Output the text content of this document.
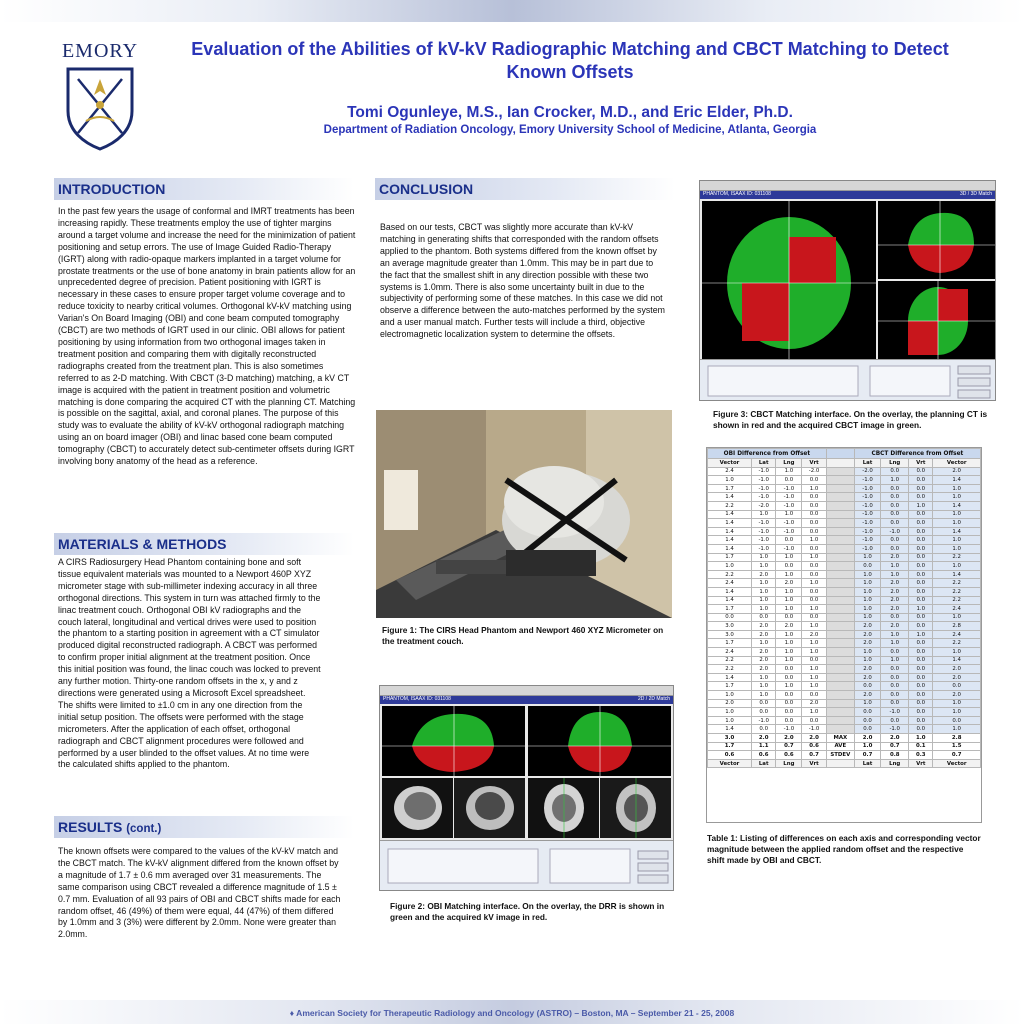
EMORY	Evaluation of the Abilities of kV-kV Radiographic Matching and CBCT Matching to Detect Known Offsets
Tomi Ogunleye, M.S., Ian Crocker, M.D., and Eric Elder, Ph.D.
Department of Radiation Oncology, Emory University School of Medicine, Atlanta, Georgia
INTRODUCTION
In the past few years the usage of conformal and IMRT treatments has been increasing rapidly. These treatments employ the use of tighter margins around a target volume and increase the need for the minimization of patient positioning and setup errors. The use of Image Guided Radio-Therapy (IGRT) along with radio-opaque markers implanted in a target volume for prostate treatments or the use of bone anatomy in brain patients allow for an unprecedented degree of precision. Patient positioning with IGRT is necessary in these cases to ensure proper target volume coverage and to reduce toxicity to nearby critical volumes. Orthogonal kV-kV matching using Varian's On Board Imaging (OBI) and cone beam computed tomography (CBCT) are two methods of IGRT used in our clinic. OBI allows for patient positioning by using information from two orthogonal images taken in treatment position and comparing them with digitally reconstructed radiographs created from the treatment plan. This is also sometimes referred to as 2-D matching. With CBCT (3-D matching) matching, a kV CT image is acquired with the patient in treatment position and volumetric matching is done comparing the acquired CT with the planning CT. Matching is possible on the sagittal, axial, and coronal planes. The purpose of this study was to evaluate the ability of kV-kV orthogonal radiograph matching using an on board imager (OBI) and linac based cone beam computed tomography (CBCT) to accurately detect sub-centimeter offsets during IGRT involving bony anatomy of the head as a reference.
MATERIALS & METHODS
A CIRS Radiosurgery Head Phantom containing bone and soft tissue equivalent materials was mounted to a Newport 460P XYZ micrometer stage with sub-millimeter indexing accuracy in all three orthogonal directions. This system in turn was attached firmly to the linac treatment couch. Orthogonal OBI kV radiographs and the couch lateral, longitudinal and vertical drives were used to position the phantom to a starting position in agreement with a CT simulator produced digital reconstructed radiograph. A CBCT was performed to confirm proper initial alignment at the treatment position. Once this initial position was found, the linac couch was locked to prevent any further motion. Thirty-one random offsets in the x, y and z directions were generated using a Microsoft Excel spreadsheet. The shifts were limited to ±1.0 cm in any one direction from the initial setup position. The offsets were performed with the stage micrometers. After the application of each offset, orthogonal radiograph and CBCT alignment procedures were followed and performed by a user blinded to the offset values. At no time were the calculated shifts applied to the phantom.
RESULTS (cont.)
The known offsets were compared to the values of the kV-kV match and the CBCT match. The kV-kV alignment differed from the known offset by a magnitude of 1.7 ± 0.6 mm averaged over 31 measurements. The same comparison using CBCT revealed a difference magnitude of 1.5 ± 0.7 mm. Evaluation of all 93 pairs of OBI and CBCT shifts made for each random offset, 46 (49%) of them were equal, 44 (47%) of them differed by 1.0mm and 3 (3%) were different by 2.0mm. None were greater than 2.0mm.
CONCLUSION
Based on our tests, CBCT was slightly more accurate than kV-kV matching in generating shifts that corresponded with the random offsets applied to the phantom. Both systems differed from the known offset by an average magnitude greater than 1.0mm. This may be in part due to the fact that the smallest shift in any direction possible with these two systems is 1.0mm. There is also some uncertainty built in due to the subjectivity of performing some of these matches. In this case we did not observe a difference between the auto-matches performed by the system and a user manual match. Further tests will include a third, objective electromagnetic localization system to determine the offsets.
Figure 1: The CIRS Head Phantom and Newport 460 XYZ Micrometer on the treatment couch.
PHANTOM, ISAAX ID: 031108	2D / 2D Match
Figure 2: OBI Matching interface. On the overlay, the DRR is shown in green and the acquired kV image in red.
PHANTOM, ISAAX ID: 031108	3D / 3D Match
Figure 3: CBCT Matching interface. On the overlay, the planning CT is shown in red and the acquired CBCT image in green.
OBI Difference from Offset					CBCT Difference from Offset			
Vector	Lat	Lng	Vrt		Lat	Lng	Vrt	Vector
2.4	-1.0	1.0	-2.0		-2.0	0.0	0.0	2.0
1.0	-1.0	0.0	0.0		-1.0	1.0	0.0	1.4
1.7	-1.0	-1.0	1.0		-1.0	0.0	0.0	1.0
1.4	-1.0	-1.0	0.0		-1.0	0.0	0.0	1.0
2.2	-2.0	-1.0	0.0		-1.0	0.0	1.0	1.4
1.4	1.0	1.0	0.0		-1.0	0.0	0.0	1.0
1.4	-1.0	-1.0	0.0		-1.0	0.0	0.0	1.0
1.4	-1.0	-1.0	0.0		-1.0	-1.0	0.0	1.4
1.4	-1.0	0.0	1.0		-1.0	0.0	0.0	1.0
1.4	-1.0	-1.0	0.0		-1.0	0.0	0.0	1.0
1.7	1.0	1.0	1.0		1.0	2.0	0.0	2.2
1.0	1.0	0.0	0.0		0.0	1.0	0.0	1.0
2.2	2.0	1.0	0.0		1.0	1.0	0.0	1.4
2.4	1.0	2.0	1.0		1.0	2.0	0.0	2.2
1.4	1.0	1.0	0.0		1.0	2.0	0.0	2.2
1.4	1.0	1.0	0.0		1.0	2.0	0.0	2.2
1.7	1.0	1.0	1.0		1.0	2.0	1.0	2.4
0.0	0.0	0.0	0.0		1.0	0.0	0.0	1.0
3.0	2.0	2.0	1.0		2.0	2.0	0.0	2.8
3.0	2.0	1.0	2.0		2.0	1.0	1.0	2.4
1.7	1.0	1.0	1.0		2.0	1.0	0.0	2.2
2.4	2.0	1.0	1.0		1.0	0.0	0.0	1.0
2.2	2.0	1.0	0.0		1.0	1.0	0.0	1.4
2.2	2.0	0.0	1.0		2.0	0.0	0.0	2.0
1.4	1.0	0.0	1.0		2.0	0.0	0.0	2.0
1.7	1.0	1.0	1.0		0.0	0.0	0.0	0.0
1.0	1.0	0.0	0.0		2.0	0.0	0.0	2.0
2.0	0.0	0.0	2.0		1.0	0.0	0.0	1.0
1.0	0.0	0.0	1.0		0.0	-1.0	0.0	1.0
1.0	-1.0	0.0	0.0		0.0	0.0	0.0	0.0
1.4	0.0	-1.0	-1.0		0.0	-1.0	0.0	1.0
3.0	2.0	2.0	2.0	MAX	2.0	2.0	1.0	2.8
1.7	1.1	0.7	0.6	AVE	1.0	0.7	0.1	1.5
0.6	0.6	0.6	0.7	STDEV	0.7	0.8	0.3	0.7
Vector	Lat	Lng	Vrt		Lat	Lng	Vrt	Vector
Table 1: Listing of differences on each axis and corresponding vector magnitude between the applied random offset and the respective shift made by OBI and CBCT.
♦ American Society for Therapeutic Radiology and Oncology (ASTRO) – Boston, MA – September 21 - 25, 2008
